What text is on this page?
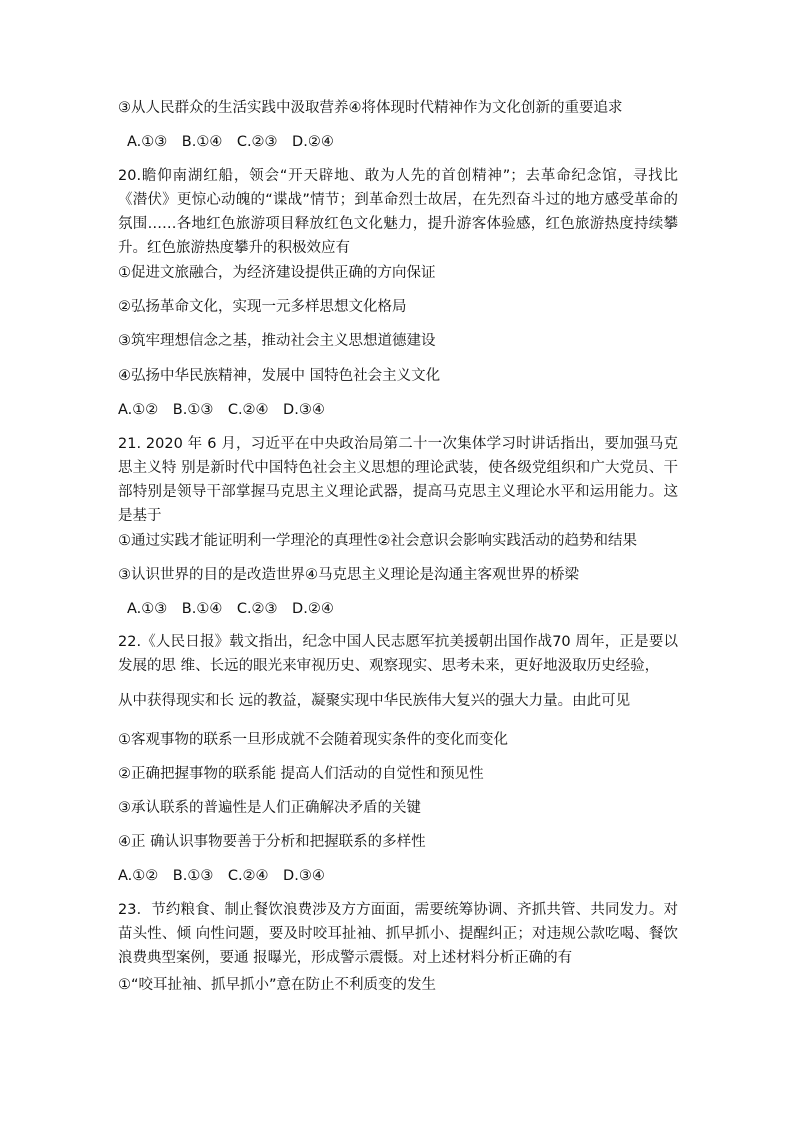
③从人民群众的生活实践中汲取营养④将体现时代精神作为文化创新的重要追求
A.①③　B.①④　C.②③　D.②④
20.瞻仰南湖红船，领会“开天辟地、敢为人先的首创精神”；去革命纪念馆，寻找比《潜伏》更惊心动魄的“谍战”情节；到革命烈士故居，在先烈奋斗过的地方感受革命的氛围……各地红色旅游项目释放红色文化魅力，提升游客体验感，红色旅游热度持续攀升。红色旅游热度攀升的积极效应有
①促进文旅融合，为经济建设提供正确的方向保证
②弘扬革命文化，实现一元多样思想文化格局
③筑牢理想信念之基，推动社会主义思想道德建设
④弘扬中华民族精神，发展中 国特色社会主义文化
A.①②　B.①③　C.②④　D.③④
21. 2020 年 6 月，习近平在中央政治局第二十一次集体学习时讲话指出，要加强马克思主义特 别是新时代中国特色社会主义思想的理论武装，使各级党组织和广大党员、干部特别是领导干部掌握马克思主义理论武器，提高马克思主义理论水平和运用能力。这是基于
①通过实践才能证明利一学理沦的真理性②社会意识会影响实践活动的趋势和结果
③认识世界的目的是改造世界④马克思主义理论是沟通主客观世界的桥梁
A.①③　B.①④　C.②③　D.②④
22.《人民日报》载文指出，纪念中国人民志愿军抗美援朝出国作战70 周年，正是要以发展的思 维、长远的眼光来审视历史、观察现实、思考未来，更好地汲取历史经验，
从中获得现实和长 远的教益，凝聚实现中华民族伟大复兴的强大力量。由此可见
①客观事物的联系一旦形成就不会随着现实条件的变化而变化
②正确把握事物的联系能 提高人们活动的自觉性和预见性
③承认联系的普遍性是人们正确解决矛盾的关键
④正 确认识事物要善于分析和把握联系的多样性
A.①②　B.①③　C.②④　D.③④
23．节约粮食、制止餐饮浪费涉及方方面面，需要统筹协调、齐抓共管、共同发力。对苗头性、倾 向性问题，要及时咬耳扯袖、抓早抓小、提醒纠正；对违规公款吃喝、餐饮浪费典型案例，要通 报曝光，形成警示震慑。对上述材料分析正确的有
①“咬耳扯袖、抓早抓小”意在防止不利质变的发生
